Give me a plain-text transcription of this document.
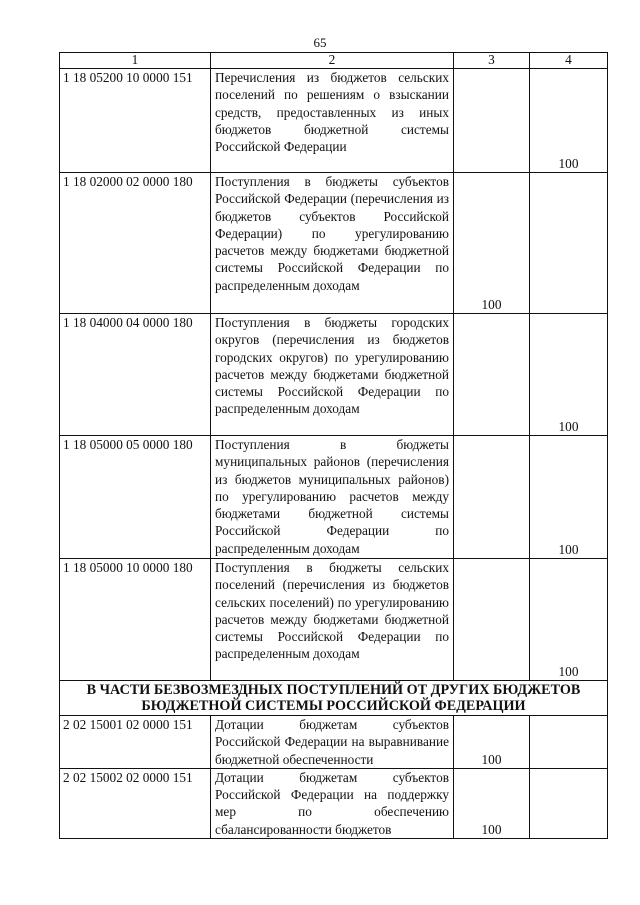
65
1	2	3	4
1 18 05200 10 0000 151	Перечисления из бюджетов сельских поселений по решениям о взыскании средств, предоставленных из иных бюджетов бюджетной системы Российской Федерации		100
1 18 02000 02 0000 180	Поступления в бюджеты субъектов Российской Федерации (перечисления из бюджетов субъектов Российской Федерации) по урегулированию расчетов между бюджетами бюджетной системы Российской Федерации по распределенным доходам	100	
1 18 04000 04 0000 180	Поступления в бюджеты городских округов (перечисления из бюджетов городских округов) по урегулированию расчетов между бюджетами бюджетной системы Российской Федерации по распределенным доходам		100
1 18 05000 05 0000 180	Поступления в бюджеты муниципальных районов (перечисления из бюджетов муниципальных районов) по урегулированию расчетов между бюджетами бюджетной системы Российской Федерации по распределенным доходам		100
1 18 05000 10 0000 180	Поступления в бюджеты сельских поселений (перечисления из бюджетов сельских поселений) по урегулированию расчетов между бюджетами бюджетной системы Российской Федерации по распределенным доходам		100
В ЧАСТИ БЕЗВОЗМЕЗДНЫХ ПОСТУПЛЕНИЙ ОТ ДРУГИХ БЮДЖЕТОВ БЮДЖЕТНОЙ СИСТЕМЫ РОССИЙСКОЙ ФЕДЕРАЦИИ			
2 02 15001 02 0000 151	Дотации бюджетам субъектов Российской Федерации на выравнивание бюджетной обеспеченности	100	
2 02 15002 02 0000 151	Дотации бюджетам субъектов Российской Федерации на поддержку мер по обеспечению сбалансированности бюджетов	100	
